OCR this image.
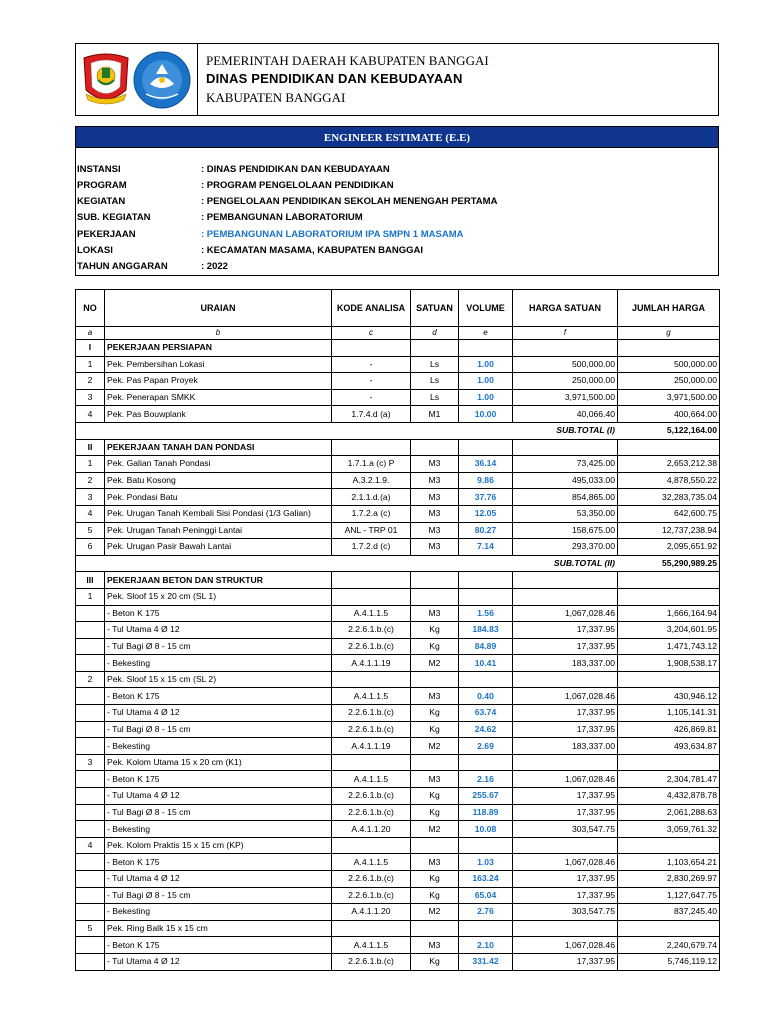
PEMERINTAH DAERAH KABUPATEN BANGGAI
DINAS PENDIDIKAN DAN KEBUDAYAAN
KABUPATEN BANGGAI
ENGINEER ESTIMATE (E.E)
INSTANSI	: DINAS PENDIDIKAN DAN KEBUDAYAAN
PROGRAM	: PROGRAM PENGELOLAAN PENDIDIKAN
KEGIATAN	: PENGELOLAAN PENDIDIKAN SEKOLAH MENENGAH PERTAMA
SUB. KEGIATAN	: PEMBANGUNAN LABORATORIUM
PEKERJAAN	: PEMBANGUNAN LABORATORIUM IPA SMPN 1 MASAMA
LOKASI	: KECAMATAN MASAMA, KABUPATEN BANGGAI
TAHUN ANGGARAN	: 2022
NO	URAIAN	KODE ANALISA	SATUAN	VOLUME	HARGA SATUAN	JUMLAH HARGA
a	b	c	d	e	f	g
I	PEKERJAAN PERSIAPAN					
1	Pek. Pembersihan Lokasi	-	Ls	1.00	500,000.00	500,000.00
2	Pek. Pas Papan Proyek	-	Ls	1.00	250,000.00	250,000.00
3	Pek. Penerapan SMKK	-	Ls	1.00	3,971,500.00	3,971,500.00
4	Pek. Pas Bouwplank	1.7.4.d (a)	M1	10.00	40,066.40	400,664.00
					SUB.TOTAL (I)	5,122,164.00
II	PEKERJAAN TANAH DAN PONDASI					
1	Pek. Galian Tanah Pondasi	1.7.1.a (c) P	M3	36.14	73,425.00	2,653,212.38
2	Pek. Batu Kosong	A.3.2.1.9.	M3	9.86	495,033.00	4,878,550.22
3	Pek. Pondasi Batu	2.1.1.d.(a)	M3	37.76	854,865.00	32,283,735.04
4	Pek. Urugan Tanah Kembali Sisi Pondasi (1/3 Galian)	1.7.2.a (c)	M3	12.05	53,350.00	642,600.75
5	Pek. Urugan Tanah Peninggi Lantai	ANL - TRP 01	M3	80.27	158,675.00	12,737,238.94
6	Pek. Urugan Pasir Bawah Lantai	1.7.2.d (c)	M3	7.14	293,370.00	2,095,651.92
					SUB.TOTAL (II)	55,290,989.25
III	PEKERJAAN BETON DAN STRUKTUR					
1	Pek. Sloof 15 x 20 cm (SL 1)					
	- Beton K 175	A.4.1.1.5	M3	1.56	1,067,028.46	1,666,164.94
	- Tul Utama 4 Ø 12	2.2.6.1.b.(c)	Kg	184.83	17,337.95	3,204,601.95
	- Tul Bagi Ø 8 - 15 cm	2.2.6.1.b.(c)	Kg	84.89	17,337.95	1,471,743.12
	- Bekesting	A.4.1.1.19	M2	10.41	183,337.00	1,908,538.17
2	Pek. Sloof 15 x 15 cm (SL 2)					
	- Beton K 175	A.4.1.1.5	M3	0.40	1,067,028.46	430,946.12
	- Tul Utama 4 Ø 12	2.2.6.1.b.(c)	Kg	63.74	17,337.95	1,105,141.31
	- Tul Bagi Ø 8 - 15 cm	2.2.6.1.b.(c)	Kg	24.62	17,337.95	426,869.81
	- Bekesting	A.4.1.1.19	M2	2.69	183,337.00	493,634.87
3	Pek. Kolom Utama 15 x 20 cm (K1)					
	- Beton K 175	A.4.1.1.5	M3	2.16	1,067,028.46	2,304,781.47
	- Tul Utama 4 Ø 12	2.2.6.1.b.(c)	Kg	255.67	17,337.95	4,432,878.78
	- Tul Bagi Ø 8 - 15 cm	2.2.6.1.b.(c)	Kg	118.89	17,337.95	2,061,288.63
	- Bekesting	A.4.1.1.20	M2	10.08	303,547.75	3,059,761.32
4	Pek. Kolom Praktis 15 x 15 cm (KP)					
	- Beton K 175	A.4.1.1.5	M3	1.03	1,067,028.46	1,103,654.21
	- Tul Utama 4 Ø 12	2.2.6.1.b.(c)	Kg	163.24	17,337.95	2,830,269.97
	- Tul Bagi Ø 8 - 15 cm	2.2.6.1.b.(c)	Kg	65.04	17,337.95	1,127,647.75
	- Bekesting	A.4.1.1.20	M2	2.76	303,547.75	837,245.40
5	Pek. Ring Balk 15 x 15 cm					
	- Beton K 175	A.4.1.1.5	M3	2.10	1,067,028.46	2,240,679.74
	- Tul Utama 4 Ø 12	2.2.6.1.b.(c)	Kg	331.42	17,337.95	5,746,119.12
